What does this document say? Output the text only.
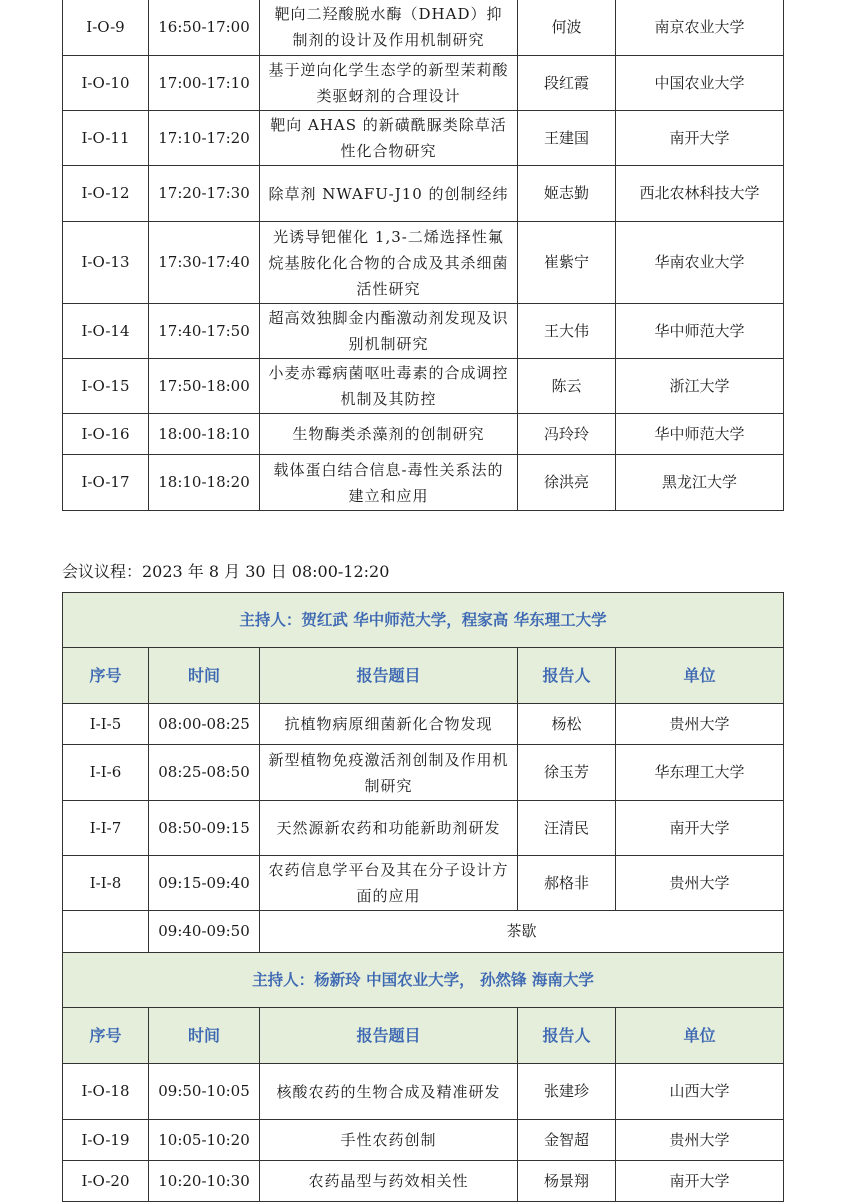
I-O-9	16:50-17:00	靶向二羟酸脱水酶（DHAD）抑制剂的设计及作用机制研究	何波	南京农业大学
I-O-10	17:00-17:10	基于逆向化学生态学的新型茉莉酸类驱蚜剂的合理设计	段红霞	中国农业大学
I-O-11	17:10-17:20	靶向 AHAS 的新磺酰脲类除草活性化合物研究	王建国	南开大学
I-O-12	17:20-17:30	除草剂 NWAFU-J10 的创制经纬	姬志勤	西北农林科技大学
I-O-13	17:30-17:40	光诱导钯催化 1,3-二烯选择性氟烷基胺化化合物的合成及其杀细菌活性研究	崔紫宁	华南农业大学
I-O-14	17:40-17:50	超高效独脚金内酯激动剂发现及识别机制研究	王大伟	华中师范大学
I-O-15	17:50-18:00	小麦赤霉病菌呕吐毒素的合成调控机制及其防控	陈云	浙江大学
I-O-16	18:00-18:10	生物酶类杀藻剂的创制研究	冯玲玲	华中师范大学
I-O-17	18:10-18:20	载体蛋白结合信息-毒性关系法的建立和应用	徐洪亮	黑龙江大学
会议议程：2023 年 8 月 30 日 08:00-12:20
主持人：贺红武 华中师范大学，程家高 华东理工大学				
序号	时间	报告题目	报告人	单位
I-I-5	08:00-08:25	抗植物病原细菌新化合物发现	杨松	贵州大学
I-I-6	08:25-08:50	新型植物免疫激活剂创制及作用机制研究	徐玉芳	华东理工大学
I-I-7	08:50-09:15	天然源新农药和功能新助剂研发	汪清民	南开大学
I-I-8	09:15-09:40	农药信息学平台及其在分子设计方面的应用	郝格非	贵州大学
	09:40-09:50	茶歇		
主持人：杨新玲 中国农业大学， 孙然锋 海南大学				
序号	时间	报告题目	报告人	单位
I-O-18	09:50-10:05	核酸农药的生物合成及精准研发	张建珍	山西大学
I-O-19	10:05-10:20	手性农药创制	金智超	贵州大学
I-O-20	10:20-10:30	农药晶型与药效相关性	杨景翔	南开大学
